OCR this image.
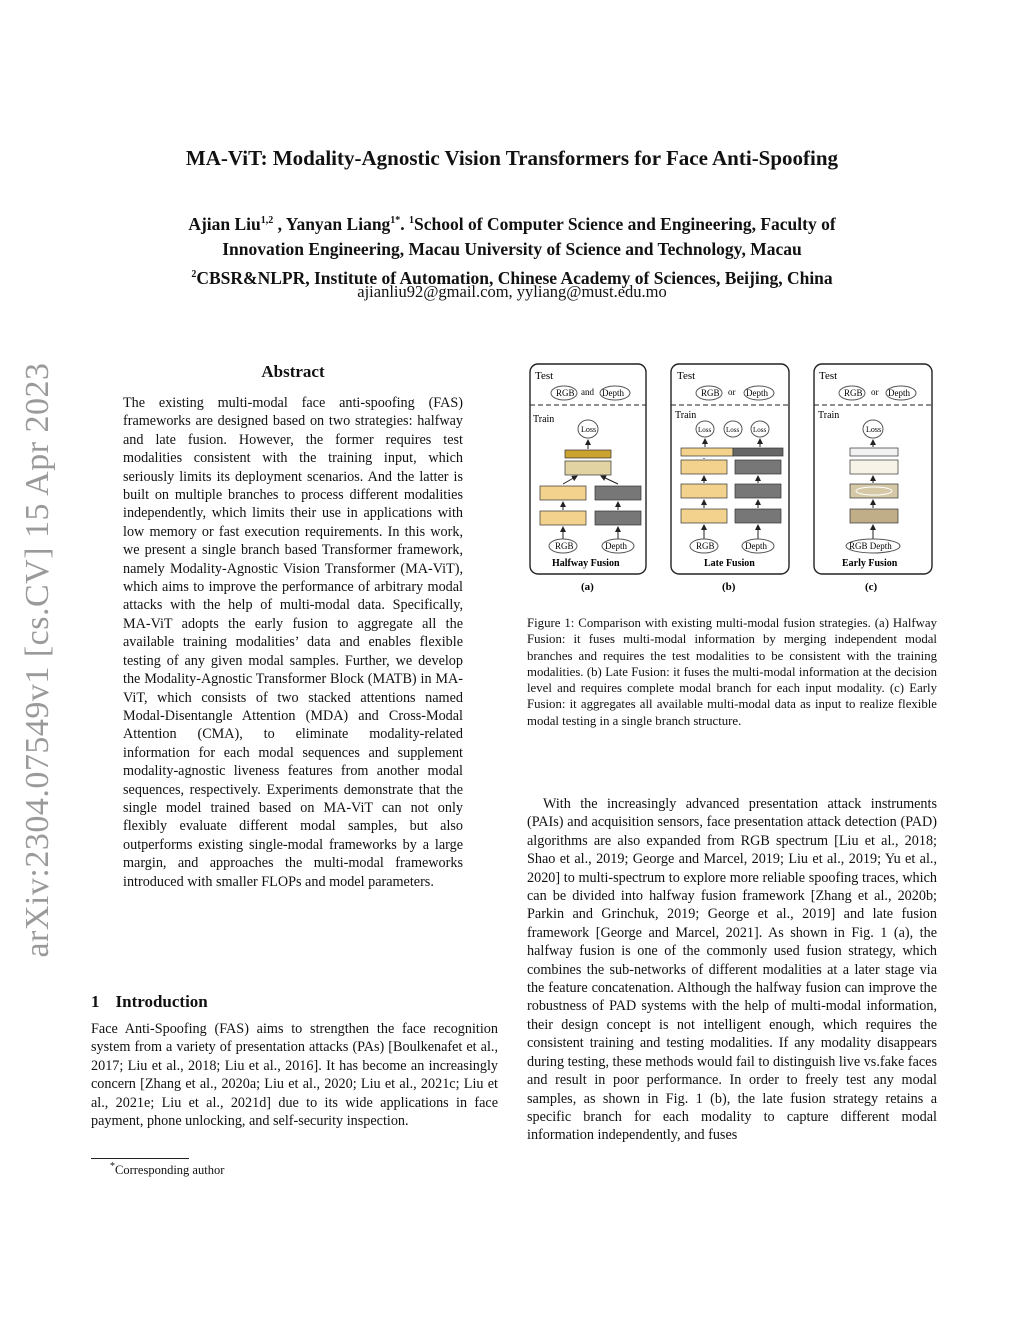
arXiv:2304.07549v1 [cs.CV] 15 Apr 2023
MA-ViT: Modality-Agnostic Vision Transformers for Face Anti-Spoofing
Ajian Liu$^{1,2}$ , Yanyan Liang$^{1*}$. $^1$School of Computer Science and Engineering, Faculty of
Innovation Engineering, Macau University of Science and Technology, Macau
$^2$CBSR&NLPR, Institute of Automation, Chinese Academy of Sciences, Beijing, China
ajianliu92@gmail.com, yyliang@must.edu.mo
Abstract
The existing multi-modal face anti-spoofing (FAS) frameworks are designed based on two strategies: halfway and late fusion. However, the former requires test modalities consistent with the training input, which seriously limits its deployment scenarios. And the latter is built on multiple branches to process different modalities independently, which limits their use in applications with low memory or fast execution requirements. In this work, we present a single branch based Transformer framework, namely Modality-Agnostic Vision Transformer (MA-ViT), which aims to improve the performance of arbitrary modal attacks with the help of multi-modal data. Specifically, MA-ViT adopts the early fusion to aggregate all the available training modalities’ data and enables flexible testing of any given modal samples. Further, we develop the Modality-Agnostic Transformer Block (MATB) in MA-ViT, which consists of two stacked attentions named Modal-Disentangle Attention (MDA) and Cross-Modal Attention (CMA), to eliminate modality-related information for each modal sequences and supplement modality-agnostic liveness features from another modal sequences, respectively. Experiments demonstrate that the single model trained based on MA-ViT can not only flexibly evaluate different modal samples, but also outperforms existing single-modal frameworks by a large margin, and approaches the multi-modal frameworks introduced with smaller FLOPs and model parameters.
1 Introduction
Face Anti-Spoofing (FAS) aims to strengthen the face recognition system from a variety of presentation attacks (PAs) [Boulkenafet et al., 2017; Liu et al., 2018; Liu et al., 2016]. It has become an increasingly concern [Zhang et al., 2020a; Liu et al., 2020; Liu et al., 2021c; Liu et al., 2021e; Liu et al., 2021d] due to its wide applications in face payment, phone unlocking, and self-security inspection.
*Corresponding author
Test
RGB and Depth
Train
Loss
RGB	Depth
Halfway Fusion
(a)
Test
RGB or Depth
Train
Loss Loss Loss
RGB	Depth
Late Fusion
(b)
Test
RGB or Depth
Train
Loss
RGB Depth
Early Fusion
(c)
Figure 1: Comparison with existing multi-modal fusion strategies. (a) Halfway Fusion: it fuses multi-modal information by merging independent modal branches and requires the test modalities to be consistent with the training modalities. (b) Late Fusion: it fuses the multi-modal information at the decision level and requires complete modal branch for each input modality. (c) Early Fusion: it aggregates all available multi-modal data as input to realize flexible modal testing in a single branch structure.
With the increasingly advanced presentation attack instruments (PAIs) and acquisition sensors, face presentation attack detection (PAD) algorithms are also expanded from RGB spectrum [Liu et al., 2018; Shao et al., 2019; George and Marcel, 2019; Liu et al., 2019; Yu et al., 2020] to multi-spectrum to explore more reliable spoofing traces, which can be divided into halfway fusion framework [Zhang et al., 2020b; Parkin and Grinchuk, 2019; George et al., 2019] and late fusion framework [George and Marcel, 2021]. As shown in Fig. 1 (a), the halfway fusion is one of the commonly used fusion strategy, which combines the sub-networks of different modalities at a later stage via the feature concatenation. Although the halfway fusion can improve the robustness of PAD systems with the help of multi-modal information, their design concept is not intelligent enough, which requires the consistent training and testing modalities. If any modality disappears during testing, these methods would fail to distinguish live vs.fake faces and result in poor performance. In order to freely test any modal samples, as shown in Fig. 1 (b), the late fusion strategy retains a specific branch for each modality to capture different modal information independently, and fuses
